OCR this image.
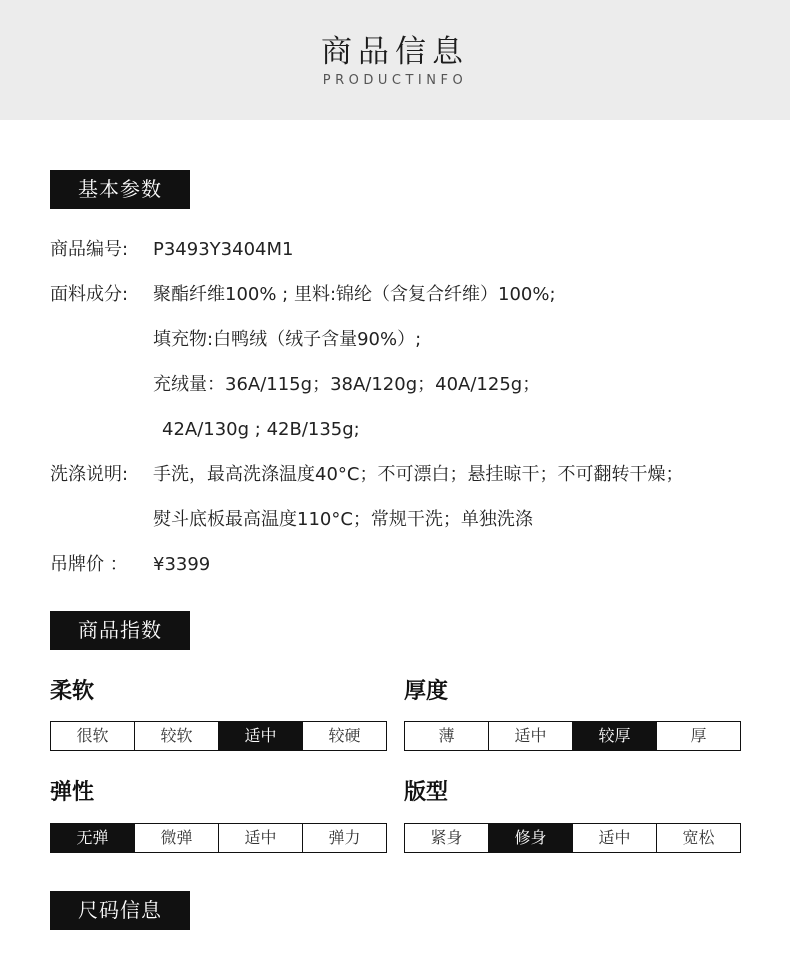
商品信息
PRODUCTINFO
基本参数
商品编号: P3493Y3404M1
面料成分: 聚酯纤维100% ; 里料:锦纶（含复合纤维）100%;
填充物:白鸭绒（绒子含量90%）;
充绒量：36A/115g；38A/120g；40A/125g；
42A/130g ; 42B/135g;
洗涤说明: 手洗，最高洗涤温度40°C；不可漂白；悬挂晾干；不可翻转干燥；
熨斗底板最高温度110°C；常规干洗；单独洗涤
吊牌价 ： ¥3399
商品指数
柔软
很软	较软	适中	较硬
厚度
薄	适中	较厚	厚
弹性
无弹	微弹	适中	弹力
版型
紧身	修身	适中	宽松
尺码信息
